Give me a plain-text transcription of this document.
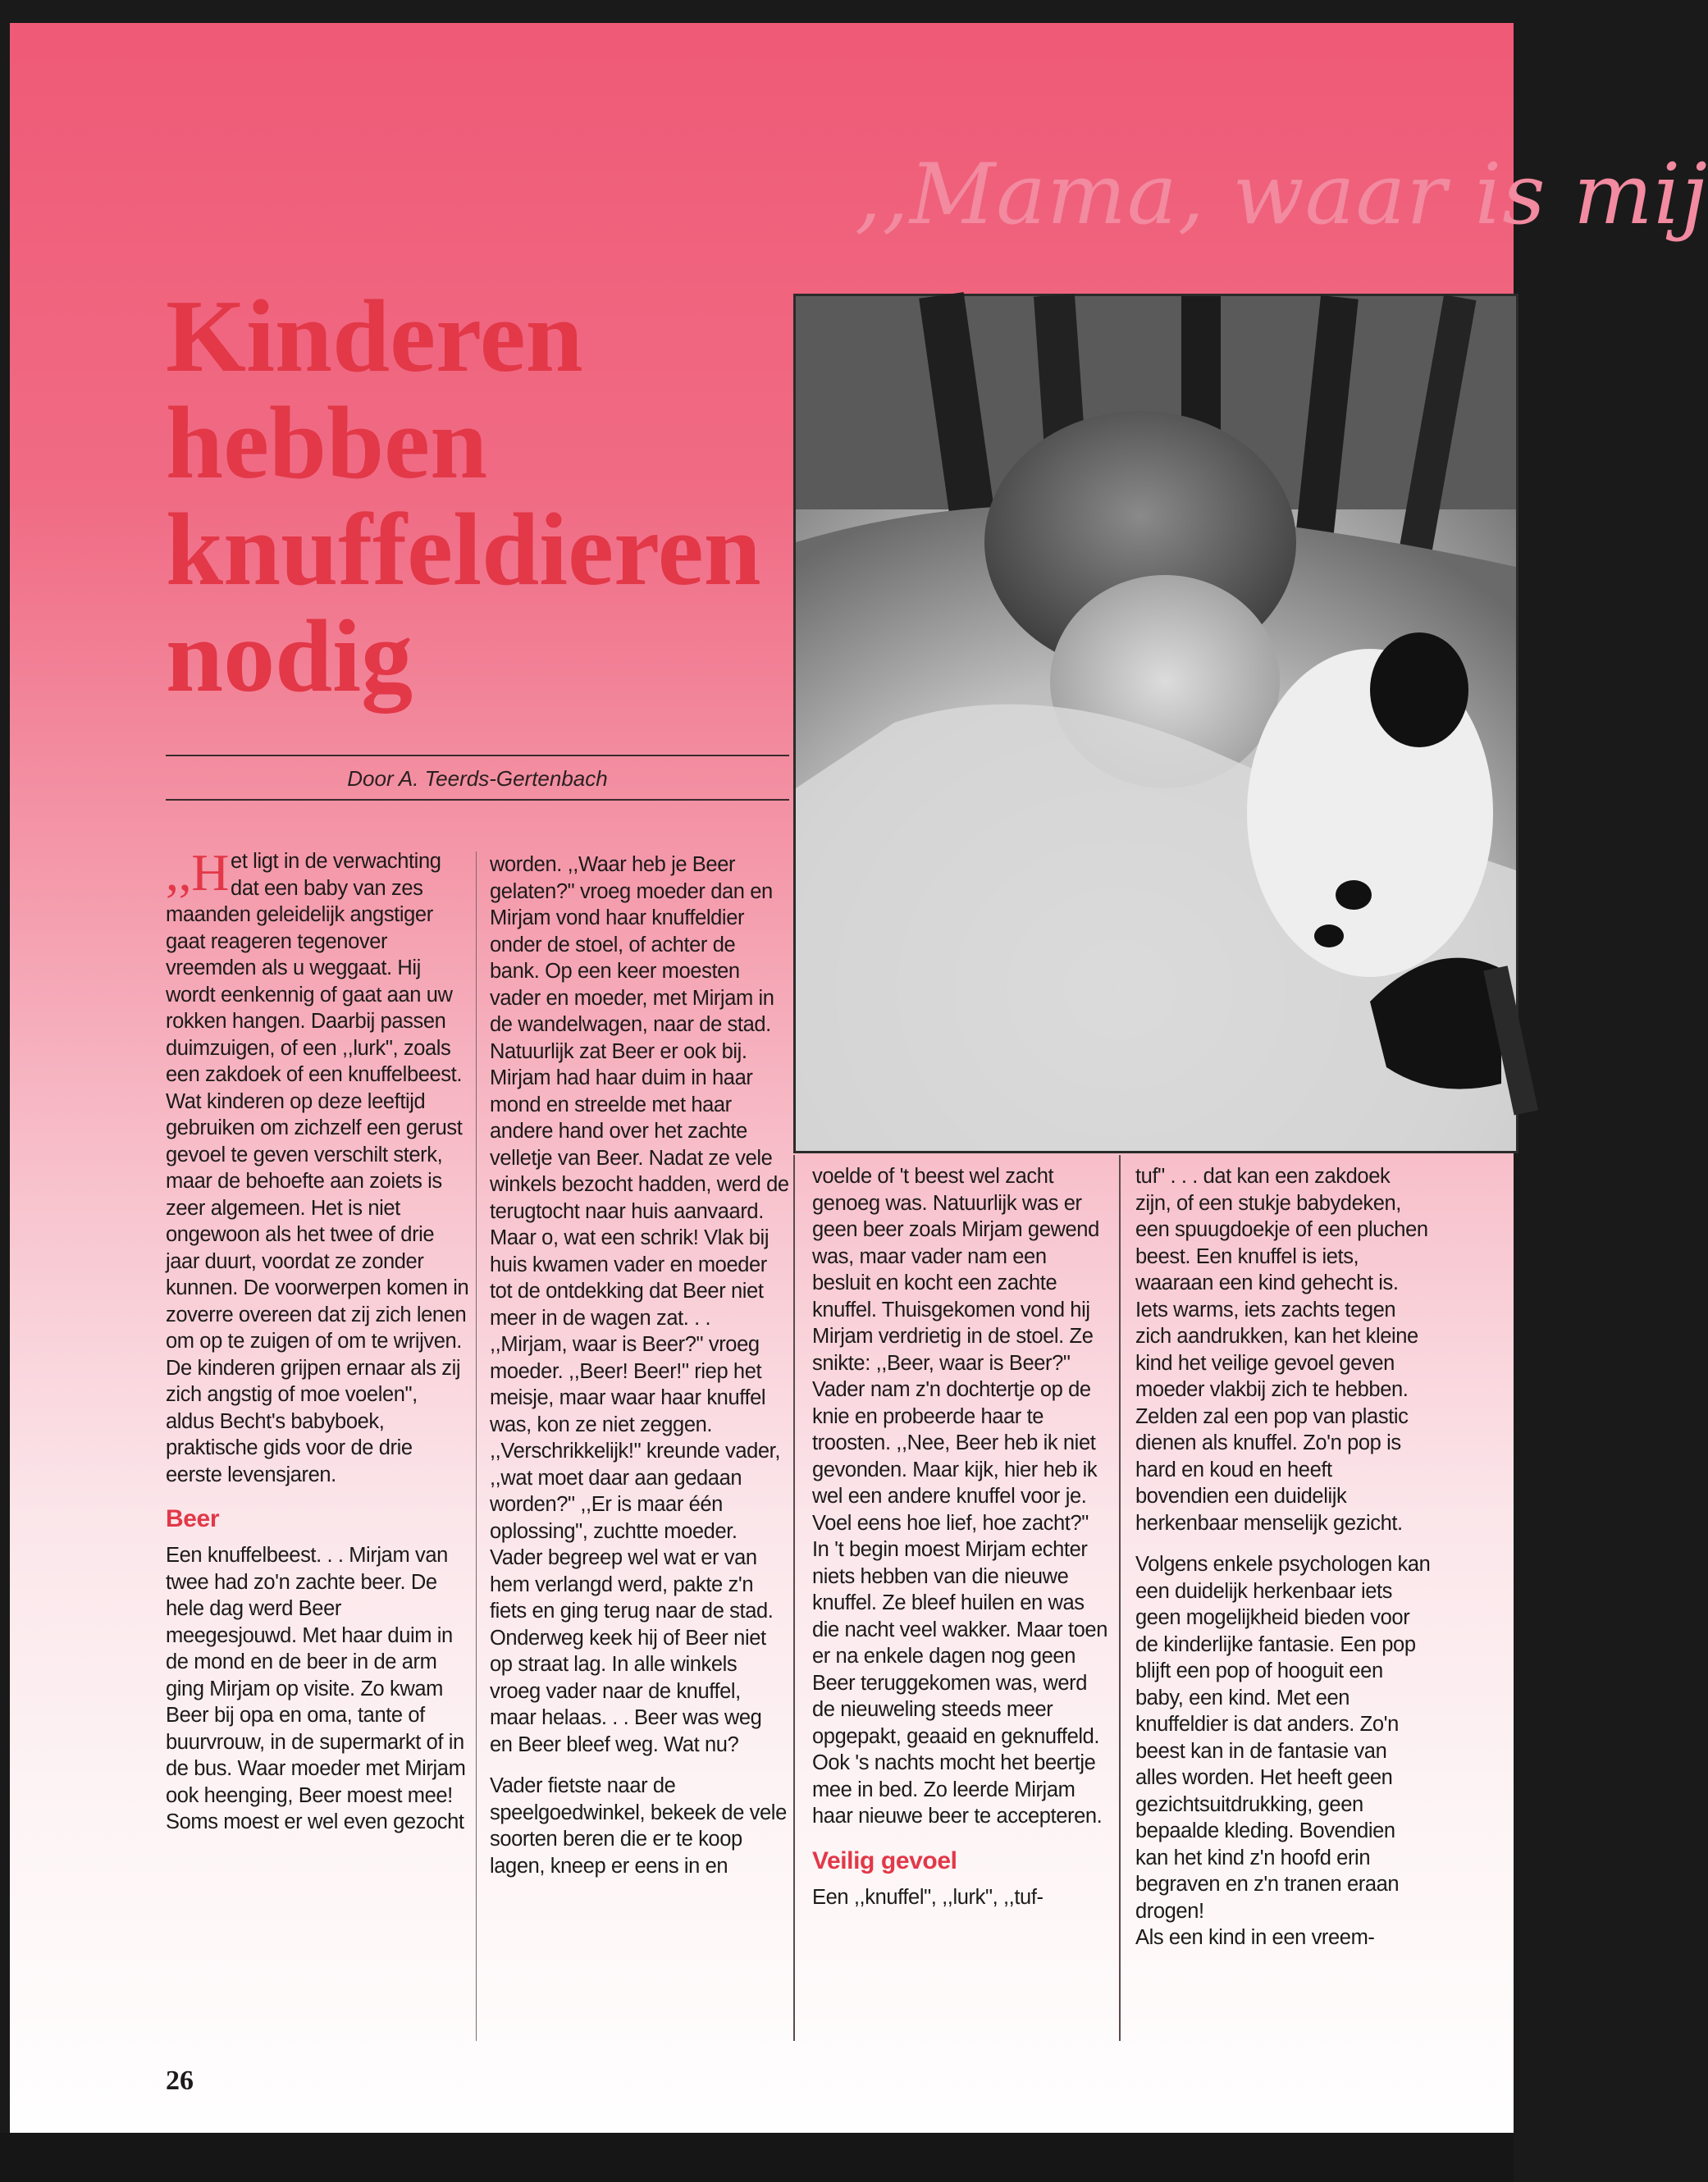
,,Mama, waar is mij
Kinderen
hebben
knuffeldieren
nodig
Door A. Teerds-Gertenbach

,,H et ligt in de verwachting dat een baby van zes maanden geleidelijk angstiger gaat reageren tegenover vreemden als u weggaat. Hij wordt eenkennig of gaat aan uw rokken hangen. Daarbij passen duimzuigen, of een ,,lurk", zoals een zakdoek of een knuffelbeest. Wat kinderen op deze leeftijd gebruiken om zichzelf een gerust gevoel te geven verschilt sterk, maar de behoefte aan zoiets is zeer algemeen. Het is niet ongewoon als het twee of drie jaar duurt, voordat ze zonder kunnen. De voorwerpen komen in zoverre overeen dat zij zich lenen om op te zuigen of om te wrijven. De kinderen grijpen ernaar als zij zich angstig of moe voelen", aldus Becht's babyboek, praktische gids voor de drie eerste levensjaren.

Beer

Een knuffelbeest. . . Mirjam van twee had zo'n zachte beer. De hele dag werd Beer meegesjouwd. Met haar duim in de mond en de beer in de arm ging Mirjam op visite. Zo kwam Beer bij opa en oma, tante of buurvrouw, in de supermarkt of in de bus. Waar moeder met Mirjam ook heenging, Beer moest mee! Soms moest er wel even gezocht

worden. ,,Waar heb je Beer gelaten?" vroeg moeder dan en Mirjam vond haar knuffeldier onder de stoel, of achter de bank. Op een keer moesten vader en moeder, met Mirjam in de wandelwagen, naar de stad. Natuurlijk zat Beer er ook bij. Mirjam had haar duim in haar mond en streelde met haar andere hand over het zachte velletje van Beer. Nadat ze vele winkels bezocht hadden, werd de terugtocht naar huis aanvaard. Maar o, wat een schrik! Vlak bij huis kwamen vader en moeder tot de ontdekking dat Beer niet meer in de wagen zat. . . ,,Mirjam, waar is Beer?" vroeg moeder. ,,Beer! Beer!" riep het meisje, maar waar haar knuffel was, kon ze niet zeggen. ,,Verschrikkelijk!" kreunde vader, ,,wat moet daar aan gedaan worden?" ,,Er is maar één oplossing", zuchtte moeder. Vader begreep wel wat er van hem verlangd werd, pakte z'n fiets en ging terug naar de stad. Onderweg keek hij of Beer niet op straat lag. In alle winkels vroeg vader naar de knuffel, maar helaas. . . Beer was weg en Beer bleef weg. Wat nu?

Vader fietste naar de speelgoedwinkel, bekeek de vele soorten beren die er te koop lagen, kneep er eens in en

voelde of 't beest wel zacht genoeg was. Natuurlijk was er geen beer zoals Mirjam gewend was, maar vader nam een besluit en kocht een zachte knuffel. Thuisgekomen vond hij Mirjam verdrietig in de stoel. Ze snikte: ,,Beer, waar is Beer?" Vader nam z'n dochtertje op de knie en probeerde haar te troosten. ,,Nee, Beer heb ik niet gevonden. Maar kijk, hier heb ik wel een andere knuffel voor je. Voel eens hoe lief, hoe zacht?" In 't begin moest Mirjam echter niets hebben van die nieuwe knuffel. Ze bleef huilen en was die nacht veel wakker. Maar toen er na enkele dagen nog geen Beer teruggekomen was, werd de nieuweling steeds meer opgepakt, geaaid en geknuffeld. Ook 's nachts mocht het beertje mee in bed. Zo leerde Mirjam haar nieuwe beer te accepteren.

Veilig gevoel

Een ,,knuffel", ,,lurk", ,,tuf-

tuf" . . . dat kan een zakdoek zijn, of een stukje babydeken, een spuugdoekje of een pluchen beest. Een knuffel is iets, waaraan een kind gehecht is. Iets warms, iets zachts tegen zich aandrukken, kan het kleine kind het veilige gevoel geven moeder vlakbij zich te hebben. Zelden zal een pop van plastic dienen als knuffel. Zo'n pop is hard en koud en heeft bovendien een duidelijk herkenbaar menselijk gezicht.

Volgens enkele psychologen kan een duidelijk herkenbaar iets geen mogelijkheid bieden voor de kinderlijke fantasie. Een pop blijft een pop of hooguit een baby, een kind. Met een knuffeldier is dat anders. Zo'n beest kan in de fantasie van alles worden. Het heeft geen gezichtsuitdrukking, geen bepaalde kleding. Bovendien kan het kind z'n hoofd erin begraven en z'n tranen eraan drogen!

Als een kind in een vreem-

26
